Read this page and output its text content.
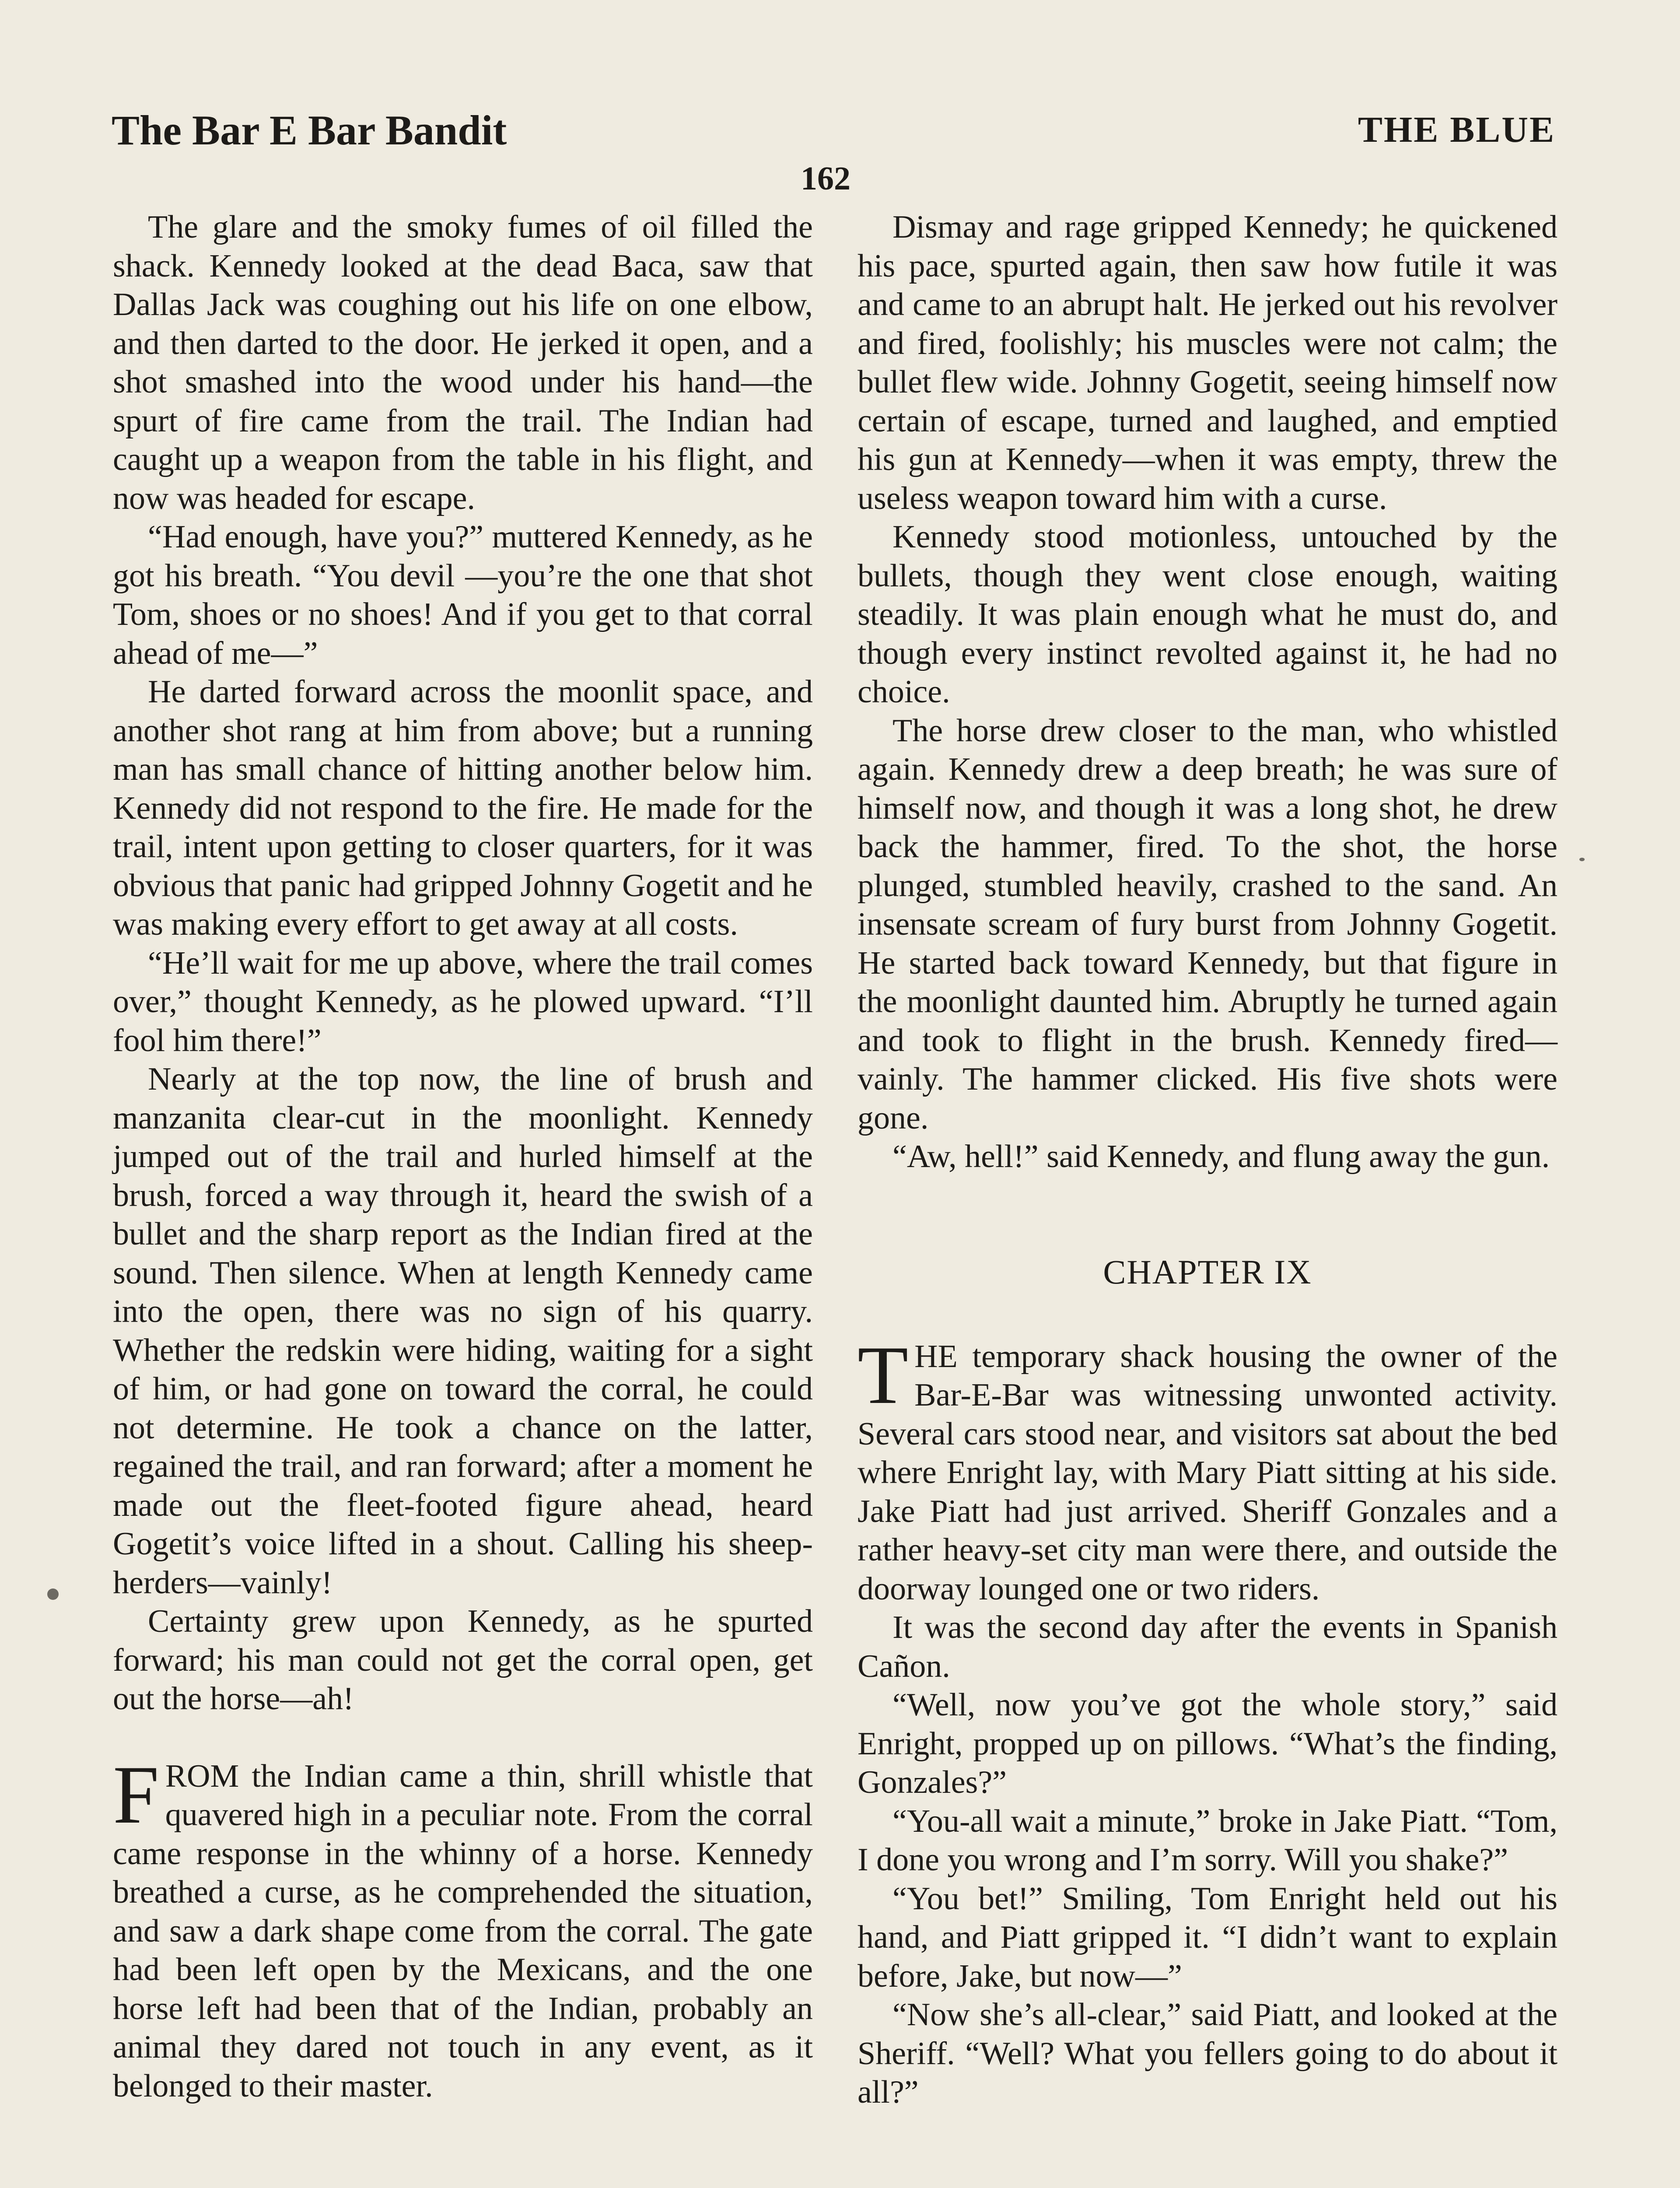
The Bar E Bar Bandit	THE BLUE
162

The glare and the smoky fumes of oil filled the shack. Kennedy looked at the dead Baca, saw that Dallas Jack was coughing out his life on one elbow, and then darted to the door. He jerked it open, and a shot smashed into the wood under his hand—the spurt of fire came from the trail. The Indian had caught up a weapon from the table in his flight, and now was headed for escape.

“Had enough, have you?” muttered Kennedy, as he got his breath. “You devil —you’re the one that shot Tom, shoes or no shoes! And if you get to that corral ahead of me—”

He darted forward across the moonlit space, and another shot rang at him from above; but a running man has small chance of hitting another below him. Kennedy did not respond to the fire. He made for the trail, intent upon getting to closer quarters, for it was obvious that panic had gripped Johnny Gogetit and he was making every effort to get away at all costs.

“He’ll wait for me up above, where the trail comes over,” thought Kennedy, as he plowed upward. “I’ll fool him there!”

Nearly at the top now, the line of brush and manzanita clear-cut in the moonlight. Kennedy jumped out of the trail and hurled himself at the brush, forced a way through it, heard the swish of a bullet and the sharp report as the Indian fired at the sound. Then silence. When at length Kennedy came into the open, there was no sign of his quarry. Whether the redskin were hiding, waiting for a sight of him, or had gone on toward the corral, he could not determine. He took a chance on the latter, regained the trail, and ran forward; after a moment he made out the fleet-footed figure ahead, heard Gogetit’s voice lifted in a shout. Calling his sheep-herders—vainly!

Certainty grew upon Kennedy, as he spurted forward; his man could not get the corral open, get out the horse—ah!

FROM the Indian came a thin, shrill whistle that quavered high in a peculiar note. From the corral came response in the whinny of a horse. Kennedy breathed a curse, as he comprehended the situation, and saw a dark shape come from the corral. The gate had been left open by the Mexicans, and the one horse left had been that of the Indian, probably an animal they dared not touch in any event, as it belonged to their master.

Dismay and rage gripped Kennedy; he quickened his pace, spurted again, then saw how futile it was and came to an abrupt halt. He jerked out his revolver and fired, foolishly; his muscles were not calm; the bullet flew wide. Johnny Gogetit, seeing himself now certain of escape, turned and laughed, and emptied his gun at Kennedy—when it was empty, threw the useless weapon toward him with a curse.

Kennedy stood motionless, untouched by the bullets, though they went close enough, waiting steadily. It was plain enough what he must do, and though every instinct revolted against it, he had no choice.

The horse drew closer to the man, who whistled again. Kennedy drew a deep breath; he was sure of himself now, and though it was a long shot, he drew back the hammer, fired. To the shot, the horse plunged, stumbled heavily, crashed to the sand. An insensate scream of fury burst from Johnny Gogetit. He started back toward Kennedy, but that figure in the moonlight daunted him. Abruptly he turned again and took to flight in the brush. Kennedy fired—vainly. The hammer clicked. His five shots were gone.

“Aw, hell!” said Kennedy, and flung away the gun.

CHAPTER IX

THE temporary shack housing the owner of the Bar-E-Bar was witnessing unwonted activity. Several cars stood near, and visitors sat about the bed where Enright lay, with Mary Piatt sitting at his side. Jake Piatt had just arrived. Sheriff Gonzales and a rather heavy-set city man were there, and outside the doorway lounged one or two riders.

It was the second day after the events in Spanish Cañon.

“Well, now you’ve got the whole story,” said Enright, propped up on pillows. “What’s the finding, Gonzales?”

“You-all wait a minute,” broke in Jake Piatt. “Tom, I done you wrong and I’m sorry. Will you shake?”

“You bet!” Smiling, Tom Enright held out his hand, and Piatt gripped it. “I didn’t want to explain before, Jake, but now—”

“Now she’s all-clear,” said Piatt, and looked at the Sheriff. “Well? What you fellers going to do about it all?”
